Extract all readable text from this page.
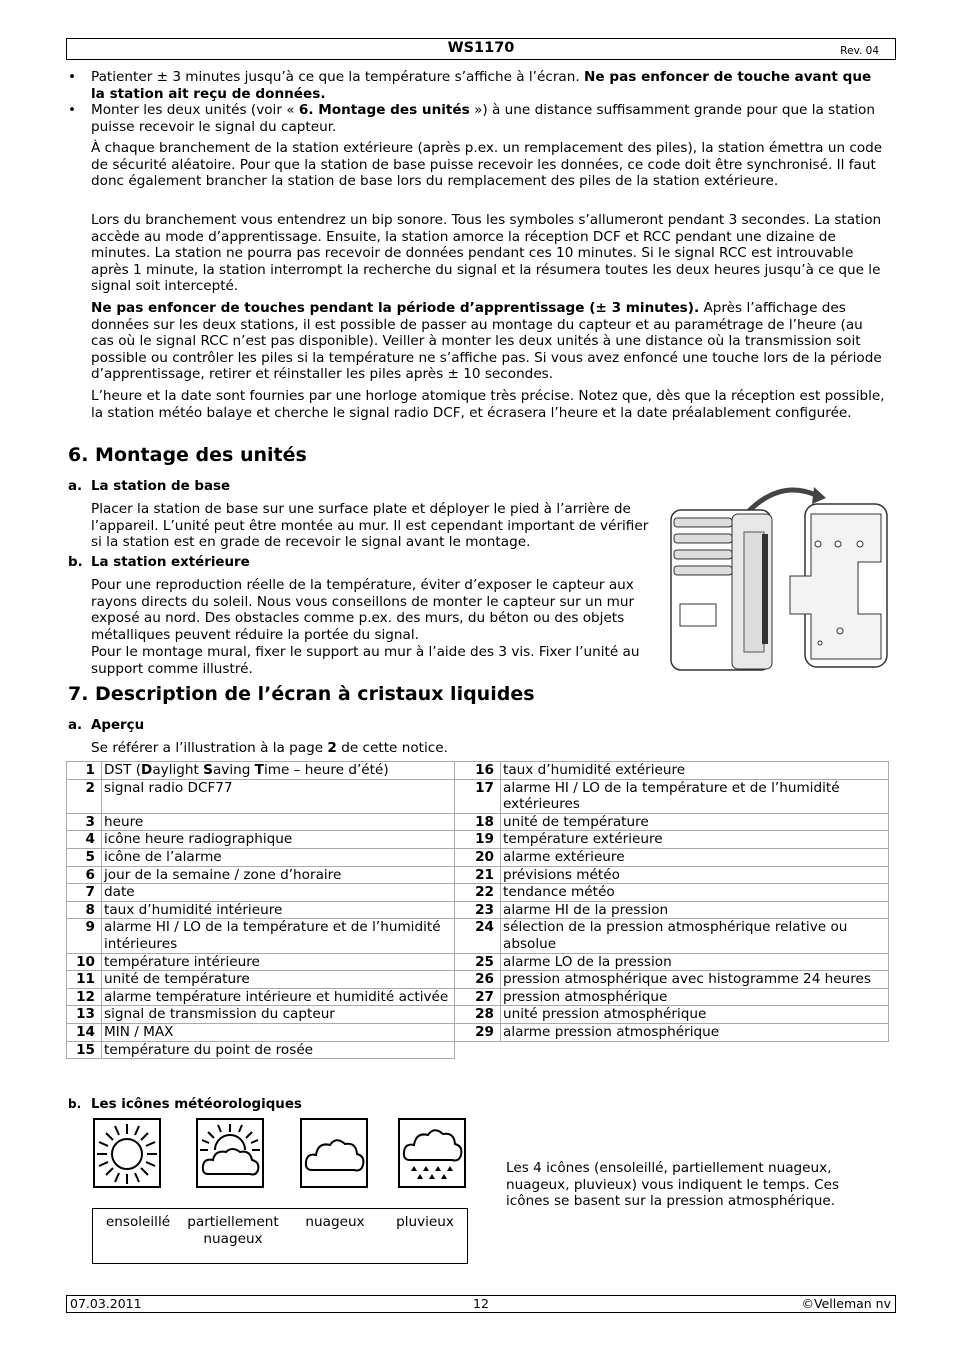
WS1170	Rev. 04
• Patienter ± 3 minutes jusqu’à ce que la température s’affiche à l’écran. Ne pas enfoncer de touche avant que la station ait reçu de données.

• Monter les deux unités (voir « 6. Montage des unités ») à une distance suffisamment grande pour que la station puisse recevoir le signal du capteur.

À chaque branchement de la station extérieure (après p.ex. un remplacement des piles), la station émettra un code de sécurité aléatoire. Pour que la station de base puisse recevoir les données, ce code doit être synchronisé. Il faut donc également brancher la station de base lors du remplacement des piles de la station extérieure.

Lors du branchement vous entendrez un bip sonore. Tous les symboles s’allumeront pendant 3 secondes. La station accède au mode d’apprentissage. Ensuite, la station amorce la réception DCF et RCC pendant une dizaine de minutes. La station ne pourra pas recevoir de données pendant ces 10 minutes. Si le signal RCC est introuvable après 1 minute, la station interrompt la recherche du signal et la résumera toutes les deux heures jusqu’à ce que le signal soit intercepté.

Ne pas enfoncer de touches pendant la période d’apprentissage (± 3 minutes). Après l’affichage des données sur les deux stations, il est possible de passer au montage du capteur et au paramétrage de l’heure (au cas où le signal RCC n’est pas disponible). Veiller à monter les deux unités à une distance où la transmission soit possible ou contrôler les piles si la température ne s’affiche pas. Si vous avez enfoncé une touche lors de la période d’apprentissage, retirer et réinstaller les piles après ± 10 secondes.

L’heure et la date sont fournies par une horloge atomique très précise. Notez que, dès que la réception est possible, la station météo balaye et cherche le signal radio DCF, et écrasera l’heure et la date préalablement configurée.

6. Montage des unités
a. La station de base

Placer la station de base sur une surface plate et déployer le pied à l’arrière de l’appareil. L’unité peut être montée au mur. Il est cependant important de vérifier si la station est en grade de recevoir le signal avant le montage.

b. La station extérieure

Pour une reproduction réelle de la température, éviter d’exposer le capteur aux rayons directs du soleil. Nous vous conseillons de monter le capteur sur un mur exposé au nord. Des obstacles comme p.ex. des murs, du béton ou des objets métalliques peuvent réduire la portée du signal.

Pour le montage mural, fixer le support au mur à l’aide des 3 vis. Fixer l’unité au support comme illustré.

7. Description de l’écran à cristaux liquides
a. Aperçu

Se référer a l’illustration à la page 2 de cette notice.

1	DST (Daylight Saving Time – heure d’été)	16	taux d’humidité extérieure
2	signal radio DCF77	17	alarme HI / LO de la température et de l’humidité extérieures
3	heure	18	unité de température
4	icône heure radiographique	19	température extérieure
5	icône de l’alarme	20	alarme extérieure
6	jour de la semaine / zone d’horaire	21	prévisions météo
7	date	22	tendance météo
8	taux d’humidité intérieure	23	alarme HI de la pression
9	alarme HI / LO de la température et de l’humidité intérieures	24	sélection de la pression atmosphérique relative ou absolue
10	température intérieure	25	alarme LO de la pression
11	unité de température	26	pression atmosphérique avec histogramme 24 heures
12	alarme température intérieure et humidité activée	27	pression atmosphérique
13	signal de transmission du capteur	28	unité pression atmosphérique
14	MIN / MAX	29	alarme pression atmosphérique
15	température du point de rosée		
b. Les icônes météorologiques
ensoleillé	partiellement nuageux
nuageux	pluvieux

Les 4 icônes (ensoleillé, partiellement nuageux, nuageux, pluvieux) vous indiquent le temps. Ces icônes se basent sur la pression atmosphérique.

07.03.2011	12	©Velleman nv
